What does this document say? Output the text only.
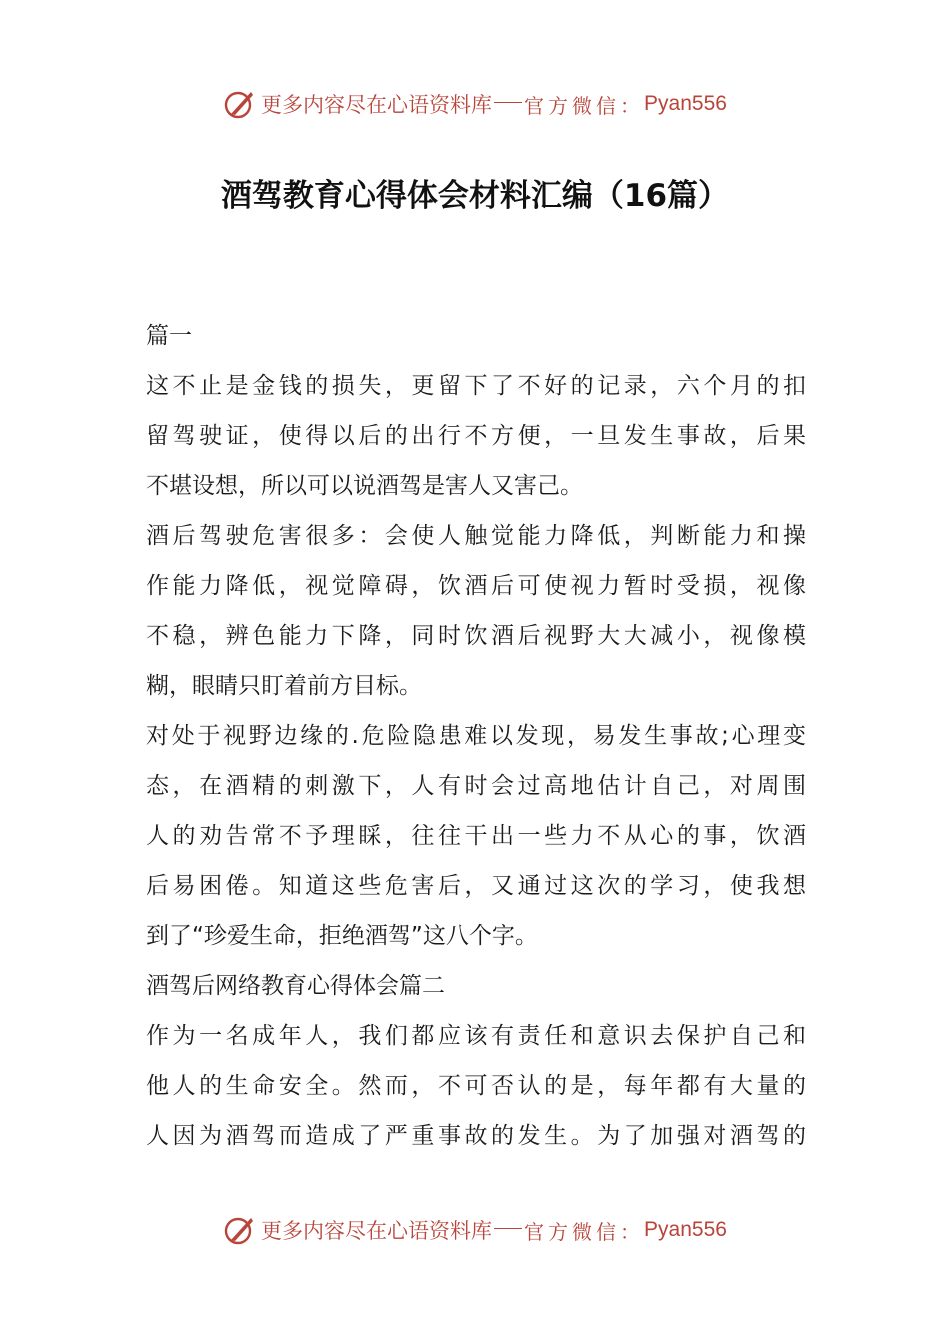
更多内容尽在心语资料库 官方微信： Pyan556
酒驾教育心得体会材料汇编（16篇）
篇一
这不止是金钱的损失，更留下了不好的记录，六个月的扣
留驾驶证，使得以后的出行不方便，一旦发生事故，后果
不堪设想，所以可以说酒驾是害人又害己。
酒后驾驶危害很多：会使人触觉能力降低，判断能力和操
作能力降低，视觉障碍，饮酒后可使视力暂时受损，视像
不稳，辨色能力下降，同时饮酒后视野大大减小，视像模
糊，眼睛只盯着前方目标。
对处于视野边缘的.危险隐患难以发现，易发生事故;心理变
态，在酒精的刺激下，人有时会过高地估计自己，对周围
人的劝告常不予理睬，往往干出一些力不从心的事，饮酒
后易困倦。知道这些危害后，又通过这次的学习，使我想
到了“珍爱生命，拒绝酒驾”这八个字。
酒驾后网络教育心得体会篇二
作为一名成年人，我们都应该有责任和意识去保护自己和
他人的生命安全。然而，不可否认的是，每年都有大量的
人因为酒驾而造成了严重事故的发生。为了加强对酒驾的
更多内容尽在心语资料库 官方微信： Pyan556
